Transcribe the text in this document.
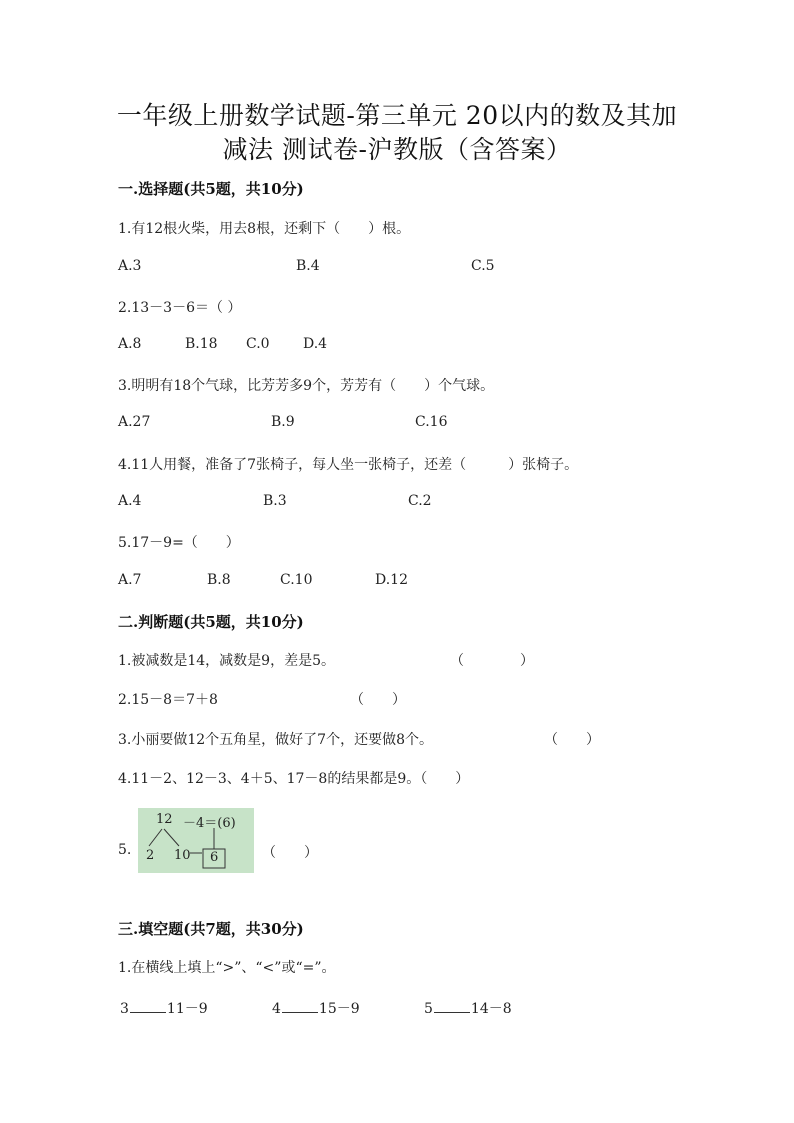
一年级上册数学试题-第三单元 20以内的数及其加
减法 测试卷-沪教版（含答案）
一.选择题(共5题，共10分)
1.有12根火柴，用去8根，还剩下（　　）根。
A.3	B.4	C.5
2.13－3－6＝（ ）
A.8	B.18 C.0 D.4
3.明明有18个气球，比芳芳多9个，芳芳有（　　）个气球。
A.27	B.9	C.16
4.11人用餐，准备了7张椅子，每人坐一张椅子，还差（　　　）张椅子。
A.4	B.3	C.2
5.17－9=（　　）
A.7	B.8	C.10	D.12
二.判断题(共5题，共10分)
1.被减数是14，减数是9，差是5。	（　　　　）
2.15－8＝7＋8	（　　）
3.小丽要做12个五角星，做好了7个，还要做8个。	（　　）
4.11－2、12－3、4＋5、17－8的结果都是9。（　　）
5.
12 －4＝(6)
2 10 6	（　　）
三.填空题(共7题，共30分)
1.在横线上填上“>”、“<”或“=”。
3	11－9	4	15－9	5	14－8
